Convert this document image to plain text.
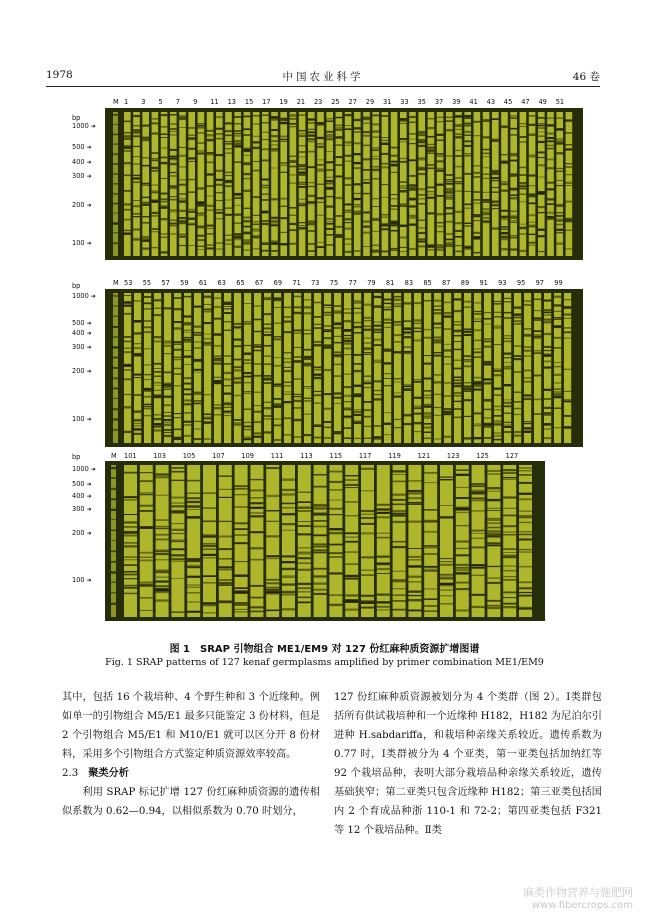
1978	中国农业科学	46 卷
M 1 3 5 7 9 11 13 15 17 19 21 23 25 27 29 31 33 35 37 39 41 43 45 47 49 51
bp
1000 ➜
500 ➜
400 ➜
300 ➜
200 ➜
100 ➜
M 53 55 57 59 61 63 65 67 69 71 73 75 77 79 81 83 85 87 89 91 93 95 97 99
bp
1000 ➜
500 ➜
400 ➜
300 ➜
200 ➜
100 ➜
M 101	103	105	107	109	111	113	115	117	119	121	123	125	127
bp
1000 ➜
500 ➜
400 ➜
300 ➜
200 ➜
100 ➜
图 1　SRAP 引物组合 ME1/EM9 对 127 份红麻种质资源扩增图谱
Fig. 1 SRAP patterns of 127 kenaf germplasms amplified by primer combination ME1/EM9

其中，包括 16 个栽培种、4 个野生种和 3 个近缘种。例如单一的引物组合 M5/E1 最多只能鉴定 3 份材料，但是 2 个引物组合 M5/E1 和 M10/E1 就可以区分开 8 份材料，采用多个引物组合方式鉴定种质资源效率较高。

2.3 聚类分析

利用 SRAP 标记扩增 127 份红麻种质资源的遗传相似系数为 0.62—0.94，以相似系数为 0.70 时划分，

127 份红麻种质资源被划分为 4 个类群（图 2）。Ⅰ类群包括所有供试栽培种和一个近缘种 H182，H182 为尼泊尔引进种 H.sabdariffa，和栽培种亲缘关系较近。遗传系数为 0.77 时，Ⅰ类群被分为 4 个亚类，第一亚类包括加纳红等 92 个栽培品种，表明大部分栽培品种亲缘关系较近，遗传基础狭窄；第二亚类只包含近缘种 H182；第三亚类包括国内 2 个育成品种浙 110-1 和 72-2；第四亚类包括 F321 等 12 个栽培品种。Ⅱ类

麻类作物营养与施肥网
www.fibercrops.com
